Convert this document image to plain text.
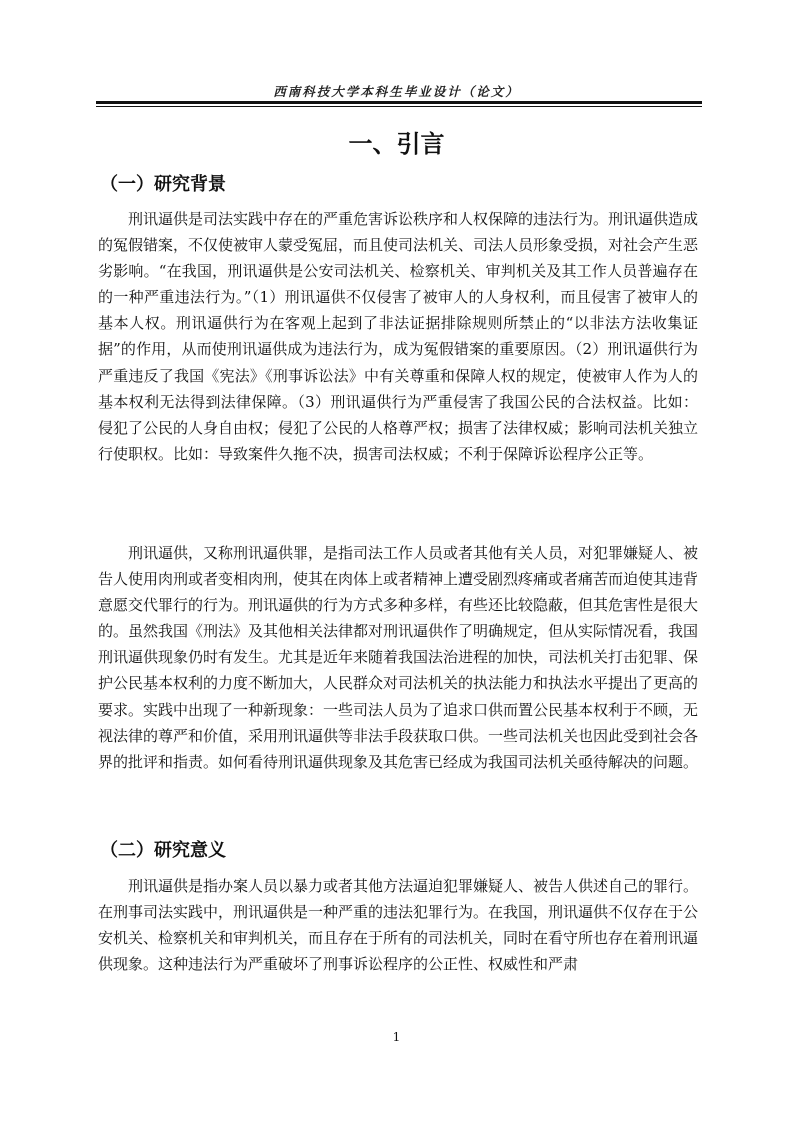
西南科技大学本科生毕业设计（论文）
一、引言
（一）研究背景

刑讯逼供是司法实践中存在的严重危害诉讼秩序和人权保障的违法行为。刑讯逼供造成的冤假错案，不仅使被审人蒙受冤屈，而且使司法机关、司法人员形象受损，对社会产生恶劣影响。“在我国，刑讯逼供是公安司法机关、检察机关、审判机关及其工作人员普遍存在的一种严重违法行为。”（1）刑讯逼供不仅侵害了被审人的人身权利，而且侵害了被审人的基本人权。刑讯逼供行为在客观上起到了非法证据排除规则所禁止的“以非法方法收集证据”的作用，从而使刑讯逼供成为违法行为，成为冤假错案的重要原因。（2）刑讯逼供行为严重违反了我国《宪法》《刑事诉讼法》中有关尊重和保障人权的规定，使被审人作为人的基本权利无法得到法律保障。（3）刑讯逼供行为严重侵害了我国公民的合法权益。比如：侵犯了公民的人身自由权；侵犯了公民的人格尊严权；损害了法律权威；影响司法机关独立行使职权。比如：导致案件久拖不决，损害司法权威；不利于保障诉讼程序公正等。

刑讯逼供，又称刑讯逼供罪，是指司法工作人员或者其他有关人员，对犯罪嫌疑人、被告人使用肉刑或者变相肉刑，使其在肉体上或者精神上遭受剧烈疼痛或者痛苦而迫使其违背意愿交代罪行的行为。刑讯逼供的行为方式多种多样，有些还比较隐蔽，但其危害性是很大的。虽然我国《刑法》及其他相关法律都对刑讯逼供作了明确规定，但从实际情况看，我国刑讯逼供现象仍时有发生。尤其是近年来随着我国法治进程的加快，司法机关打击犯罪、保护公民基本权利的力度不断加大，人民群众对司法机关的执法能力和执法水平提出了更高的要求。实践中出现了一种新现象：一些司法人员为了追求口供而置公民基本权利于不顾，无视法律的尊严和价值，采用刑讯逼供等非法手段获取口供。一些司法机关也因此受到社会各界的批评和指责。如何看待刑讯逼供现象及其危害已经成为我国司法机关亟待解决的问题。

（二）研究意义

刑讯逼供是指办案人员以暴力或者其他方法逼迫犯罪嫌疑人、被告人供述自己的罪行。在刑事司法实践中，刑讯逼供是一种严重的违法犯罪行为。在我国，刑讯逼供不仅存在于公安机关、检察机关和审判机关，而且存在于所有的司法机关，同时在看守所也存在着刑讯逼供现象。这种违法行为严重破坏了刑事诉讼程序的公正性、权威性和严肃

1
